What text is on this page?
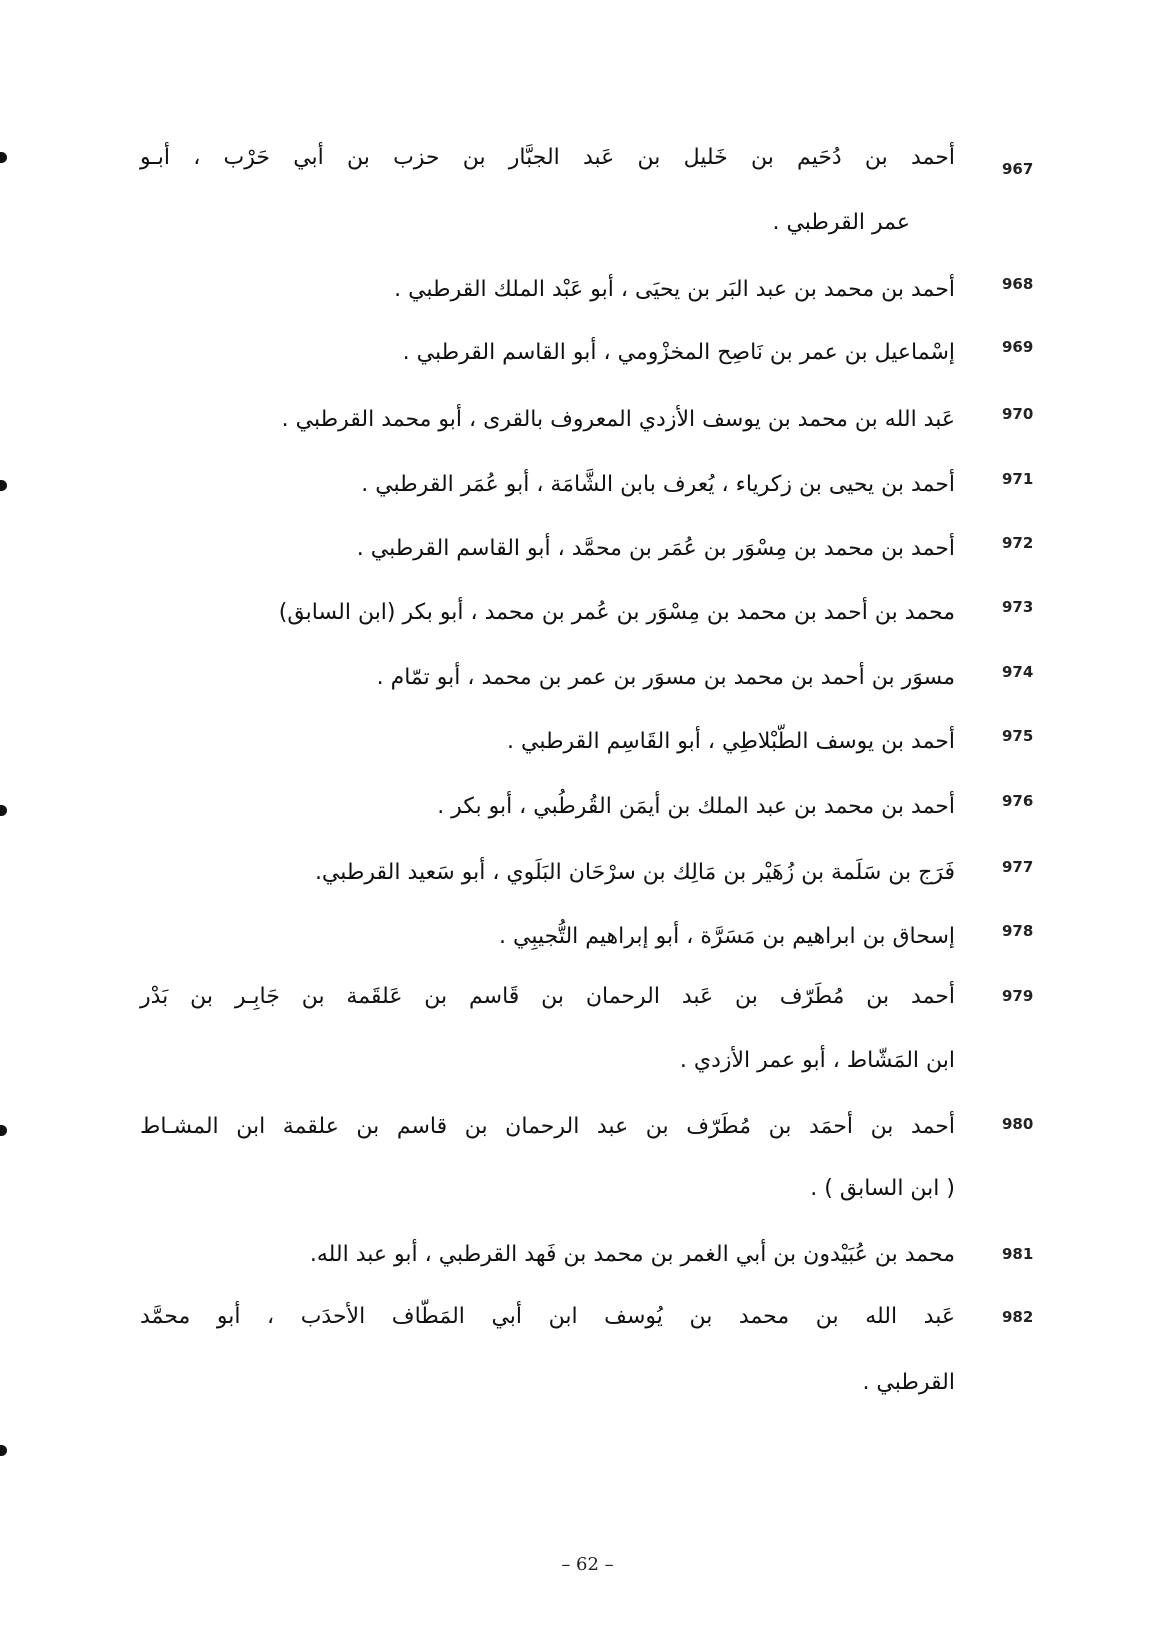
967
أحمد بن دُحَيم بن خَليل بن عَبد الجبَّار بن حزب بن أبي حَرْب ، أبـو
عمر القرطبي .
968
أحمد بن محمد بن عبد البَر بن يحيَى ، أبو عَبْد الملك القرطبي .
969
إسْماعيل بن عمر بن نَاصِح المخزْومي ، أبو القاسم القرطبي .
970
عَبد الله بن محمد بن يوسف الأزدي المعروف بالقرى ، أبو محمد القرطبي .
971
أحمد بن يحيى بن زكرياء ، يُعرف بابن الشَّامَة ، أبو عُمَر القرطبي .
972
أحمد بن محمد بن مِسْوَر بن عُمَر بن محمَّد ، أبو القاسم القرطبي .
973
محمد بن أحمد بن محمد بن مِسْوَر بن عُمر بن محمد ، أبو بكر (ابن السابق)
974
مسوَر بن أحمد بن محمد بن مسوَر بن عمر بن محمد ، أبو تمّام .
975
أحمد بن يوسف الطّبْلاطِي ، أبو القَاسِم القرطبي .
976
أحمد بن محمد بن عبد الملك بن أيمَن القُرطُبي ، أبو بكر .
977
فَرَج بن سَلَمة بن زُهَيْر بن مَالِك بن سرْحَان البَلَوي ، أبو سَعيد القرطبي.
978
إسحاق بن ابراهيم بن مَسَرَّة ، أبو إبراهيم التُّجيبِي .
979
أحمد بن مُطَرّف بن عَبد الرحمان بن قَاسم بن عَلقَمة بن جَابِـر بن بَدْر
ابن المَشّاط ، أبو عمر الأزدي .
980
أحمد بن أحمَد بن مُطَرّف بن عبد الرحمان بن قاسم بن علقمة ابن المشـاط
( ابن السابق ) .
981
محمد بن عُبَيْدون بن أبي الغمر بن محمد بن فَهد القرطبي ، أبو عبد الله.
982
عَبد الله بن محمد بن يُوسف ابن أبي المَطّاف الأحدَب ، أبو محمَّد
القرطبي .
– 62 –
